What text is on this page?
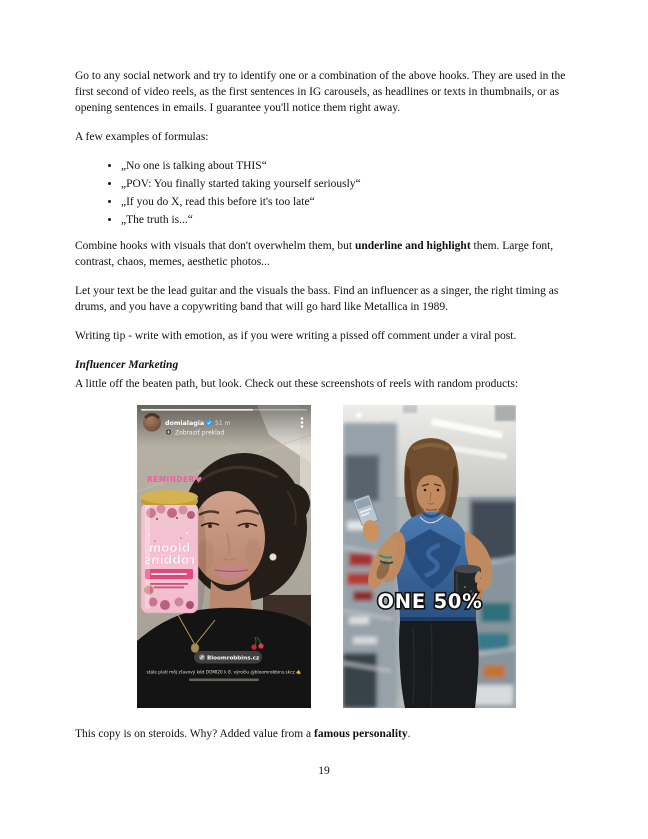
Go to any social network and try to identify one or a combination of the above hooks. They are used in the first second of video reels, as the first sentences in IG carousels, as headlines or texts in thumbnails, or as opening sentences in emails. I guarantee you'll notice them right away.

A few examples of formulas:

• „No one is talking about THIS“
• „POV: You finally started taking yourself seriously“
• „If you do X, read this before it's too late“
• „The truth is...“

Combine hooks with visuals that don't overwhelm them, but underline and highlight them. Large font, contrast, chaos, memes, aesthetic photos...

Let your text be the lead guitar and the visuals the bass. Find an influencer as a singer, the right timing as drums, and you have a copywriting band that will go hard like Metallica in 1989.

Writing tip - write with emotion, as if you were writing a pissed off comment under a viral post.

Influencer Marketing

A little off the beaten path, but look. Check out these screenshots of reels with random products:

bloom
robbins
REMINDER ♥
domialagia 51 m
Zobraziť preklad
Bloomrobbins.cz
stále platí môj zľavový kód DOMI20 k 8. výročiu @bloomrobbins.skcz 🤙
ONE 50%

This copy is on steroids. Why? Added value from a famous personality.

19
